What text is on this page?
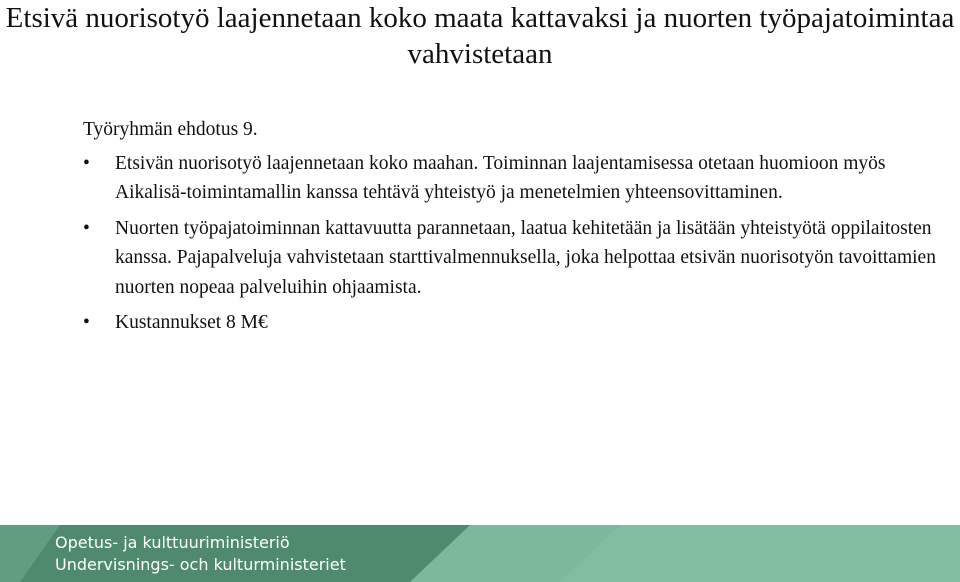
Etsivä nuorisotyö laajennetaan koko maata kattavaksi ja nuorten työpajatoimintaa vahvistetaan

Työryhmän ehdotus 9.

• Etsivän nuorisotyö laajennetaan koko maahan. Toiminnan laajentamisessa otetaan huomioon myös Aikalisä-toimintamallin kanssa tehtävä yhteistyö ja menetelmien yhteensovittaminen.
• Nuorten työpajatoiminnan kattavuutta parannetaan, laatua kehitetään ja lisätään yhteistyötä oppilaitosten kanssa. Pajapalveluja vahvistetaan starttivalmennuksella, joka helpottaa etsivän nuorisotyön tavoittamien nuorten nopeaa palveluihin ohjaamista.
• Kustannukset 8 M€
Opetus- ja kulttuuriministeriö
Undervisnings- och kulturministeriet
